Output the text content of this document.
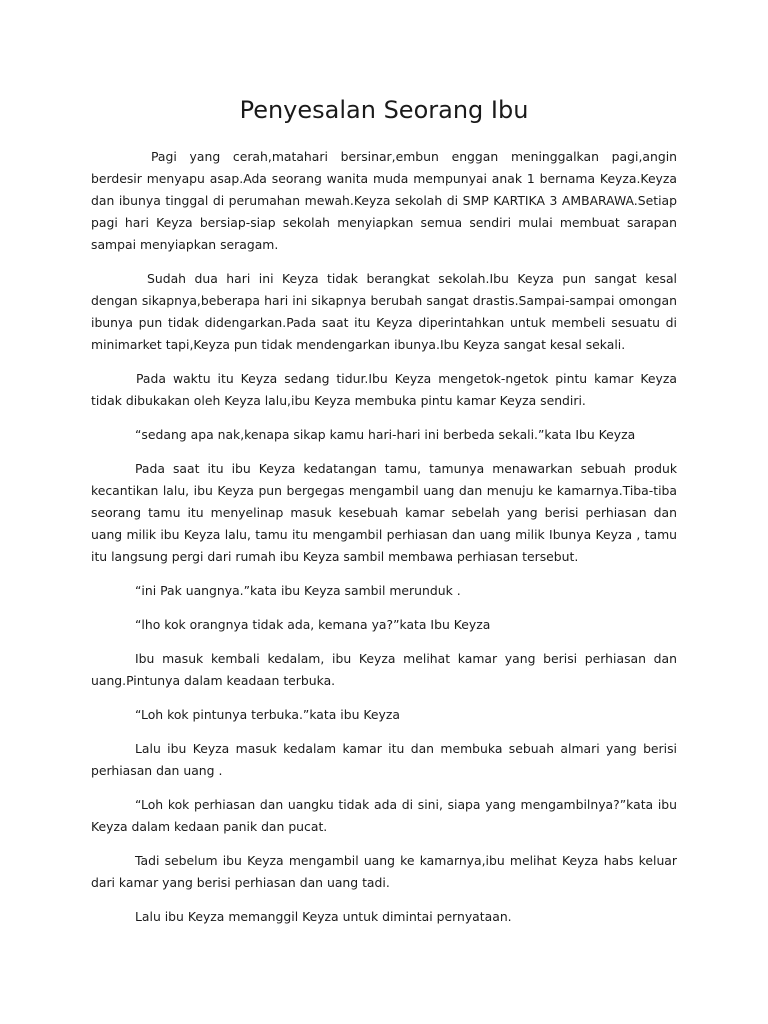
Penyesalan Seorang Ibu

Pagi yang cerah,matahari bersinar,embun enggan meninggalkan pagi,angin berdesir menyapu asap.Ada seorang wanita muda mempunyai anak 1 bernama Keyza.Keyza dan ibunya tinggal di perumahan mewah.Keyza sekolah di SMP KARTIKA 3 AMBARAWA.Setiap pagi hari Keyza bersiap-siap sekolah menyiapkan semua sendiri mulai membuat sarapan sampai menyiapkan seragam.

Sudah dua hari ini Keyza tidak berangkat sekolah.Ibu Keyza pun sangat kesal dengan sikapnya,beberapa hari ini sikapnya berubah sangat drastis.Sampai-sampai omongan ibunya pun tidak didengarkan.Pada saat itu Keyza diperintahkan untuk membeli sesuatu di minimarket tapi,Keyza pun tidak mendengarkan ibunya.Ibu Keyza sangat kesal sekali.

Pada waktu itu Keyza sedang tidur.Ibu Keyza mengetok-ngetok pintu kamar Keyza tidak dibukakan oleh Keyza lalu,ibu Keyza membuka pintu kamar Keyza sendiri.

“sedang apa nak,kenapa sikap kamu hari-hari ini berbeda sekali.”kata Ibu Keyza

Pada saat itu ibu Keyza kedatangan tamu, tamunya menawarkan sebuah produk kecantikan lalu, ibu Keyza pun bergegas mengambil uang dan menuju ke kamarnya.Tiba-tiba seorang tamu itu menyelinap masuk kesebuah kamar sebelah yang berisi perhiasan dan uang milik ibu Keyza lalu, tamu itu mengambil perhiasan dan uang milik Ibunya Keyza , tamu itu langsung pergi dari rumah ibu Keyza sambil membawa perhiasan tersebut.

“ini Pak uangnya.”kata ibu Keyza sambil merunduk .

“lho kok orangnya tidak ada, kemana ya?”kata Ibu Keyza

Ibu masuk kembali kedalam, ibu Keyza melihat kamar yang berisi perhiasan dan uang.Pintunya dalam keadaan terbuka.

“Loh kok pintunya terbuka.”kata ibu Keyza

Lalu ibu Keyza masuk kedalam kamar itu dan membuka sebuah almari yang berisi perhiasan dan uang .

“Loh kok perhiasan dan uangku tidak ada di sini, siapa yang mengambilnya?”kata ibu Keyza dalam kedaan panik dan pucat.

Tadi sebelum ibu Keyza mengambil uang ke kamarnya,ibu melihat Keyza habs keluar dari kamar yang berisi perhiasan dan uang tadi.

Lalu ibu Keyza memanggil Keyza untuk dimintai pernyataan.
